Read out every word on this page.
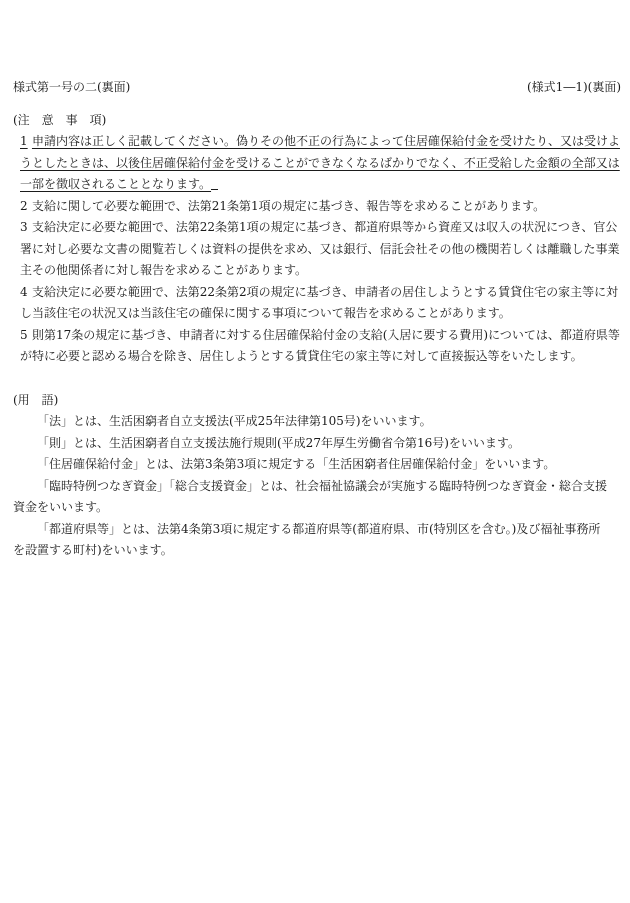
様式第一号の二(裏面)	(様式1―1)(裏面)
(注　意　事　項)

1 申請内容は正しく記載してください。偽りその他不正の行為によって住居確保給付金を受けたり、又は受けようとしたときは、以後住居確保給付金を受けることができなくなるばかりでなく、不正受給した金額の全部又は一部を徴収されることとなります。

2 支給に関して必要な範囲で、法第21条第1項の規定に基づき、報告等を求めることがあります。

3 支給決定に必要な範囲で、法第22条第1項の規定に基づき、都道府県等から資産又は収入の状況につき、官公署に対し必要な文書の閲覧若しくは資料の提供を求め、又は銀行、信託会社その他の機関若しくは離職した事業主その他関係者に対し報告を求めることがあります。

4 支給決定に必要な範囲で、法第22条第2項の規定に基づき、申請者の居住しようとする賃貸住宅の家主等に対し当該住宅の状況又は当該住宅の確保に関する事項について報告を求めることがあります。

5 則第17条の規定に基づき、申請者に対する住居確保給付金の支給(入居に要する費用)については、都道府県等が特に必要と認める場合を除き、居住しようとする賃貸住宅の家主等に対して直接振込等をいたします。

(用　語)

「法」とは、生活困窮者自立支援法(平成25年法律第105号)をいいます。

「則」とは、生活困窮者自立支援法施行規則(平成27年厚生労働省令第16号)をいいます。

「住居確保給付金」とは、法第3条第3項に規定する「生活困窮者住居確保給付金」をいいます。

「臨時特例つなぎ資金」「総合支援資金」とは、社会福祉協議会が実施する臨時特例つなぎ資金・総合支援資金をいいます。

「都道府県等」とは、法第4条第3項に規定する都道府県等(都道府県、市(特別区を含む。)及び福祉事務所を設置する町村)をいいます。
